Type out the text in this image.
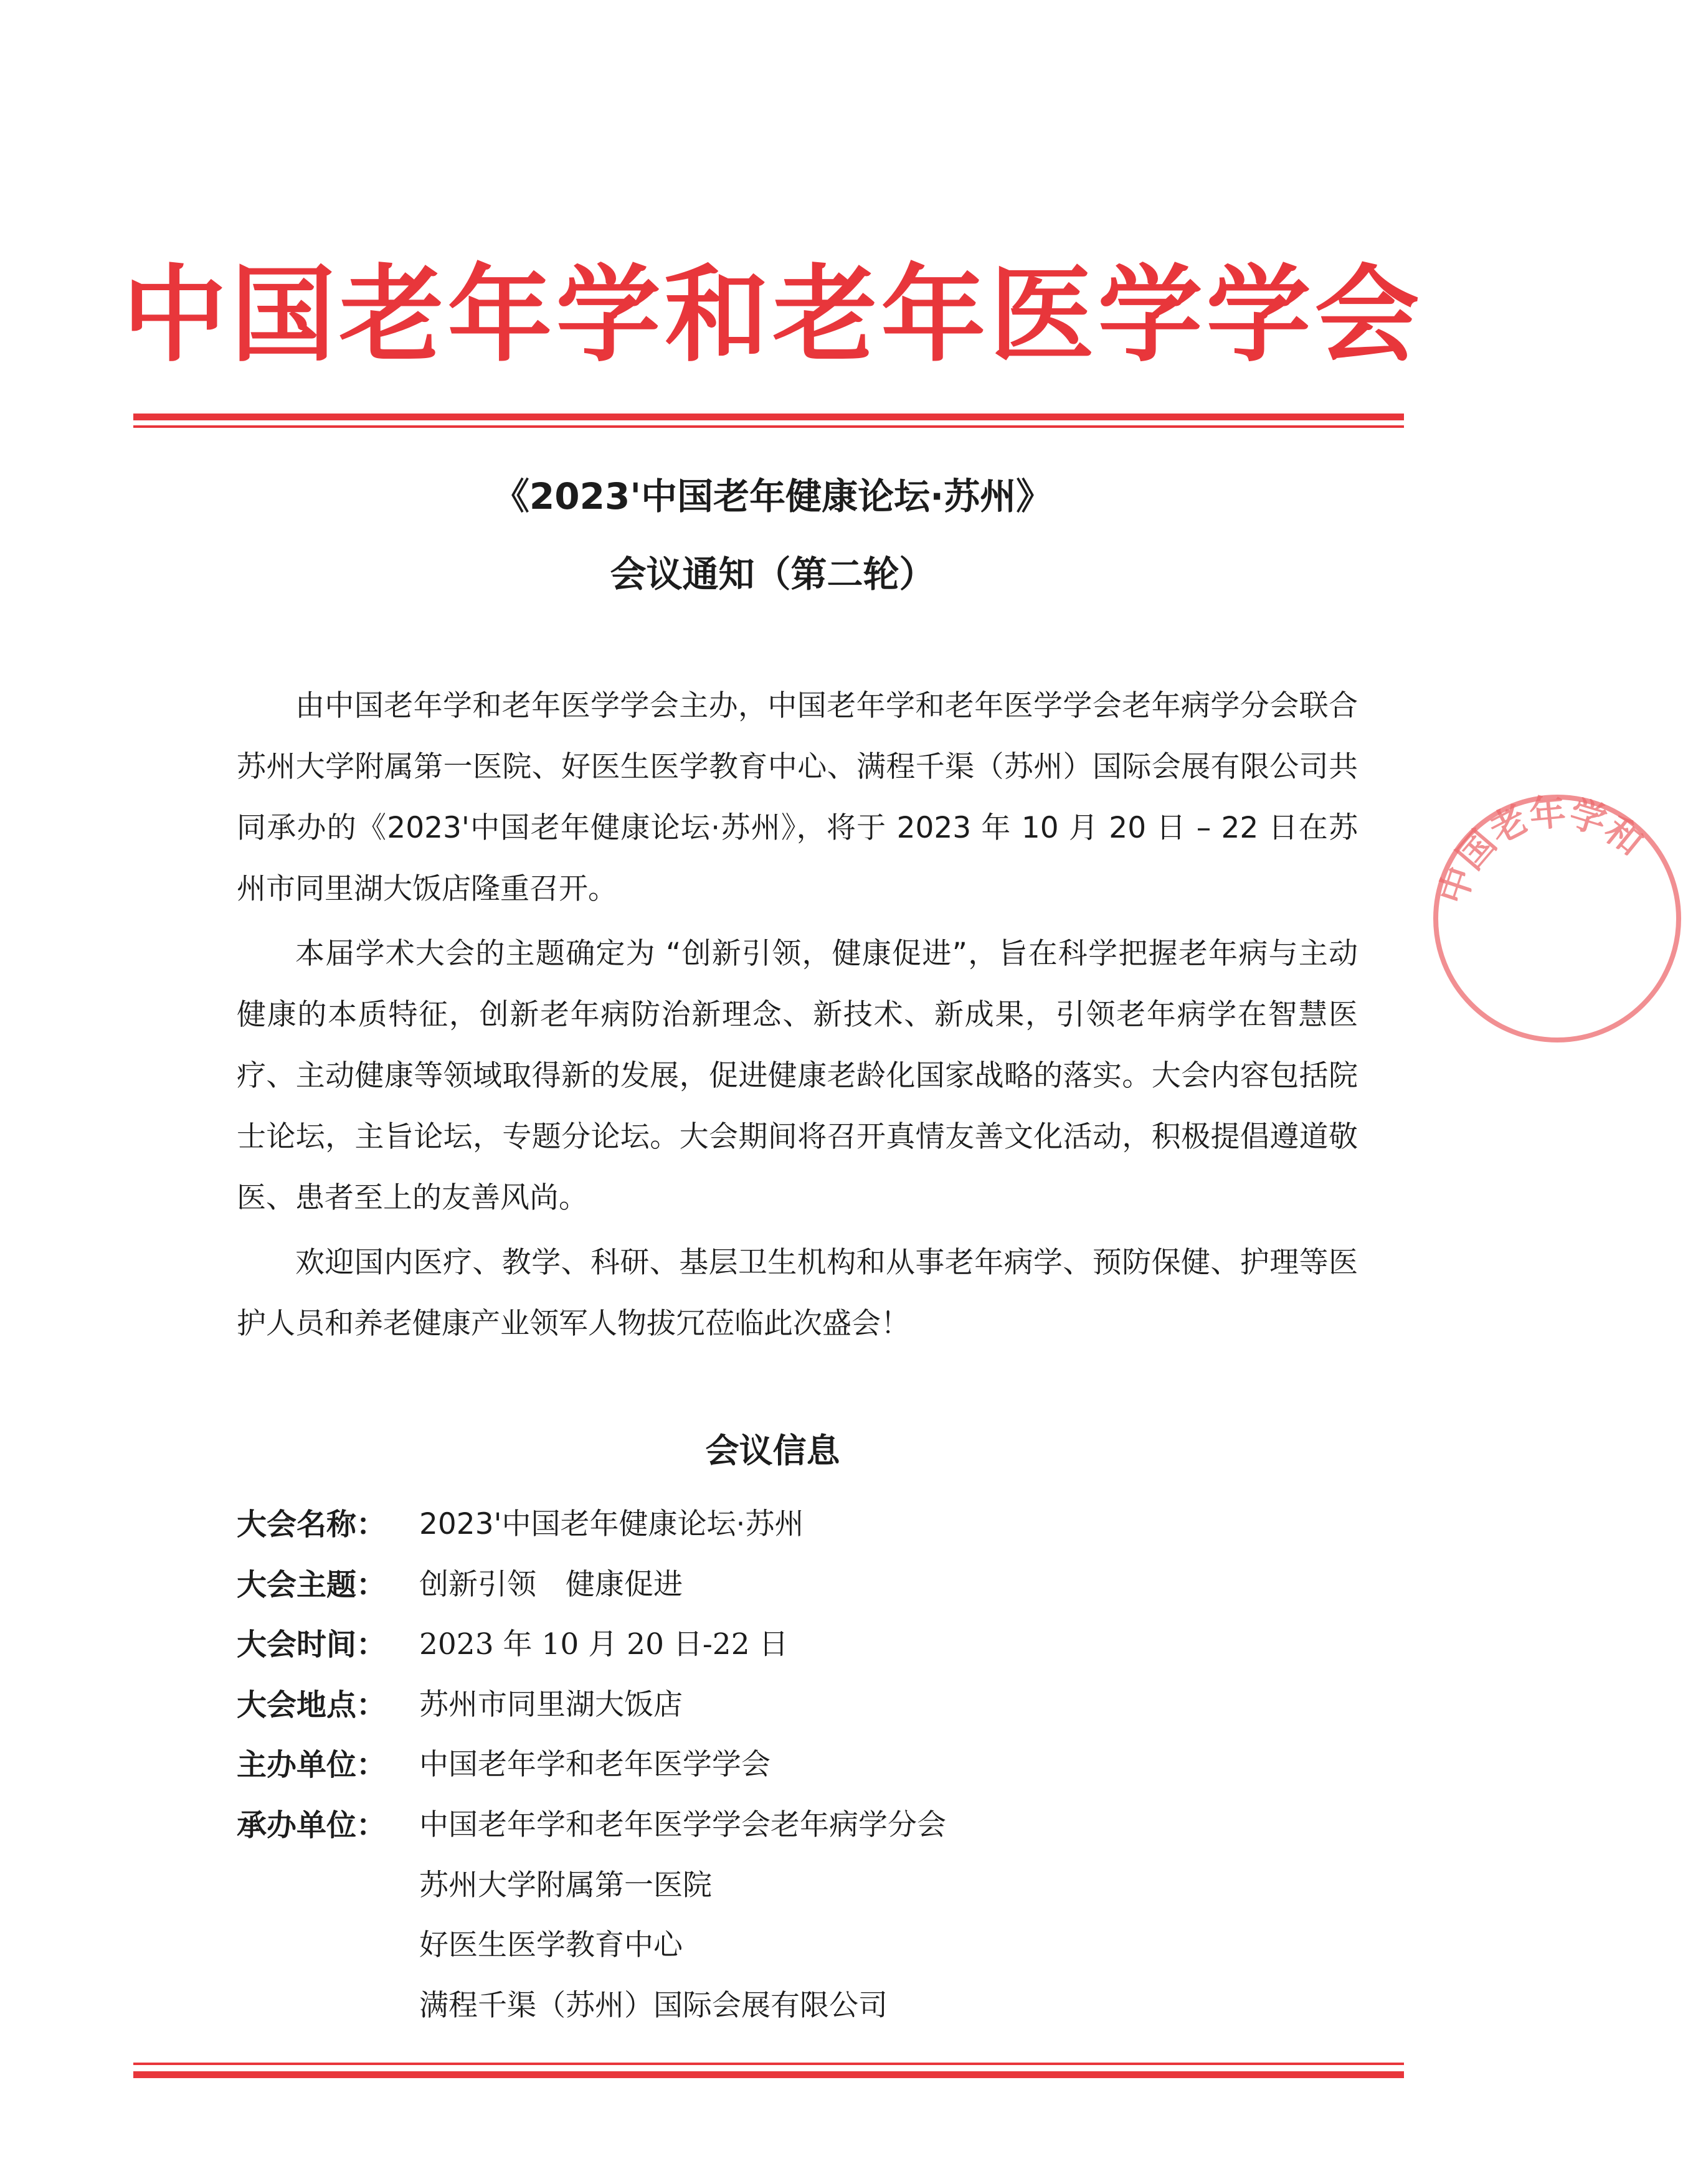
中国老年学和老年医学学会
《2023'中国老年健康论坛·苏州》
会议通知（第二轮）

由中国老年学和老年医学学会主办，中国老年学和老年医学学会老年病学分会联合苏州大学附属第一医院、好医生医学教育中心、满程千渠（苏州）国际会展有限公司共同承办的《2023'中国老年健康论坛·苏州》，将于 2023 年 10 月 20 日 – 22 日在苏州市同里湖大饭店隆重召开。

本届学术大会的主题确定为 “创新引领，健康促进”，旨在科学把握老年病与主动健康的本质特征，创新老年病防治新理念、新技术、新成果，引领老年病学在智慧医疗、主动健康等领域取得新的发展，促进健康老龄化国家战略的落实。大会内容包括院士论坛，主旨论坛，专题分论坛。大会期间将召开真情友善文化活动，积极提倡遵道敬医、患者至上的友善风尚。

欢迎国内医疗、教学、科研、基层卫生机构和从事老年病学、预防保健、护理等医护人员和养老健康产业领军人物拔冗莅临此次盛会！

会议信息
大会名称： 2023'中国老年健康论坛·苏州
大会主题： 创新引领　健康促进
大会时间： 2023 年 10 月 20 日-22 日
大会地点： 苏州市同里湖大饭店
主办单位： 中国老年学和老年医学学会
承办单位： 中国老年学和老年医学学会老年病学分会
苏州大学附属第一医院
好医生医学教育中心
满程千渠（苏州）国际会展有限公司
中国老年学和
